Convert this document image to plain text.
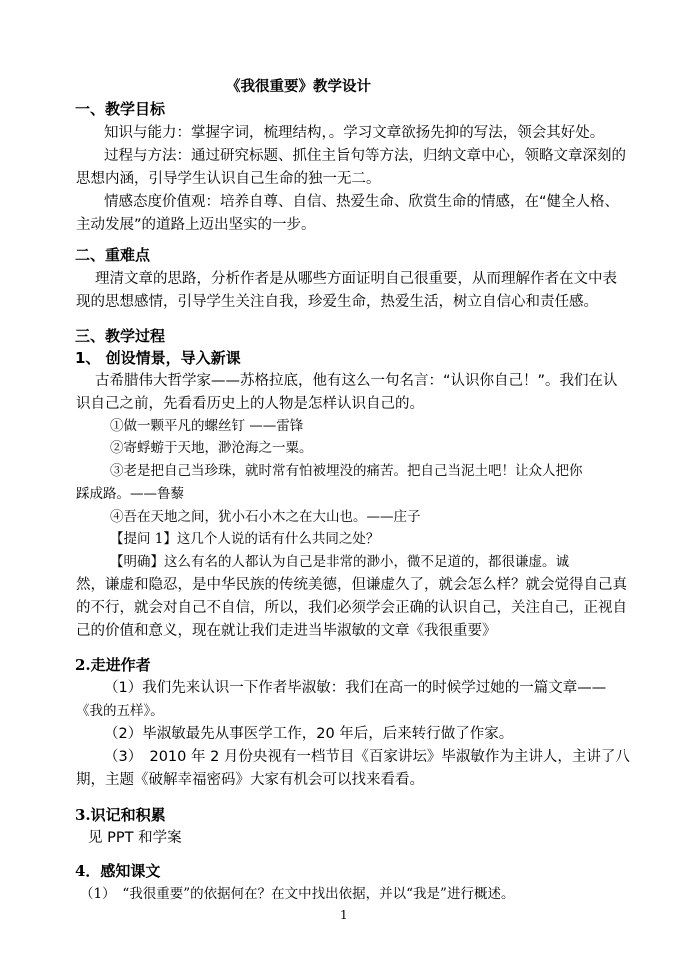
《我很重要》教学设计
一、教学目标
知识与能力：掌握字词，梳理结构，。学习文章欲扬先抑的写法，领会其好处。
过程与方法：通过研究标题、抓住主旨句等方法，归纳文章中心，领略文章深刻的
思想内涵，引导学生认识自己生命的独一无二。
情感态度价值观：培养自尊、自信、热爱生命、欣赏生命的情感，在“健全人格、
主动发展”的道路上迈出坚实的一步。
二、重难点
理清文章的思路，分析作者是从哪些方面证明自己很重要，从而理解作者在文中表
现的思想感情，引导学生关注自我，珍爱生命，热爱生活，树立自信心和责任感。
三、教学过程
1、 创设情景，导入新课
古希腊伟大哲学家——苏格拉底，他有这么一句名言：“认识你自己！”。我们在认
识自己之前，先看看历史上的人物是怎样认识自己的。
①做一颗平凡的螺丝钉 ——雷锋
②寄蜉蝣于天地，渺沧海之一粟。
③老是把自己当珍珠，就时常有怕被埋没的痛苦。把自己当泥土吧！让众人把你
踩成路。——鲁藜
④吾在天地之间，犹小石小木之在大山也。——庄子
【提问 1】这几个人说的话有什么共同之处？
【明确】这么有名的人都认为自己是非常的渺小，微不足道的，都很谦虚。诚
然，谦虚和隐忍，是中华民族的传统美德，但谦虚久了，就会怎么样？就会觉得自己真
的不行，就会对自己不自信，所以，我们必须学会正确的认识自己，关注自己，正视自
己的价值和意义，现在就让我们走进当毕淑敏的文章《我很重要》
2.走进作者
（1）我们先来认识一下作者毕淑敏：我们在高一的时候学过她的一篇文章——
《我的五样》。
（2）毕淑敏最先从事医学工作，20 年后，后来转行做了作家。
（3）　2010 年 2 月份央视有一档节目《百家讲坛》毕淑敏作为主讲人，主讲了八
期，主题《破解幸福密码》大家有机会可以找来看看。
3.识记和积累
见 PPT 和学案
4．感知课文
（1）　“我很重要”的依据何在？在文中找出依据，并以“我是”进行概述。
1
